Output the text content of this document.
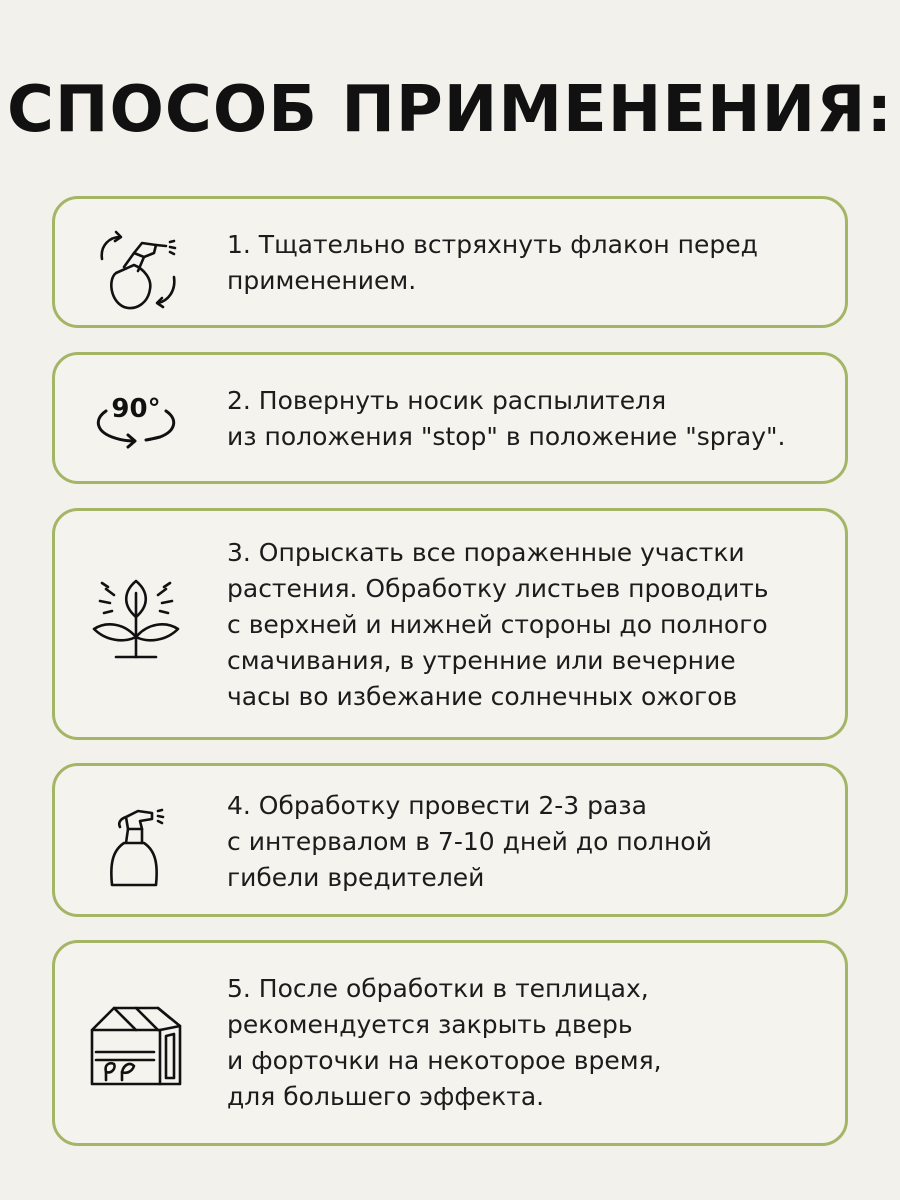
СПОСОБ ПРИМЕНЕНИЯ:
1. Тщательно встряхнуть флакон перед
применением.
90°	2. Повернуть носик распылителя
из положения "stop" в положение "spray".
3. Опрыскать все пораженные участки
растения. Обработку листьев проводить
с верхней и нижней стороны до полного
смачивания, в утренние или вечерние
часы во избежание солнечных ожогов
4. Обработку провести 2-3 раза
с интервалом в 7-10 дней до полной
гибели вредителей
5. После обработки в теплицах,
рекомендуется закрыть дверь
и форточки на некоторое время,
для большего эффекта.
